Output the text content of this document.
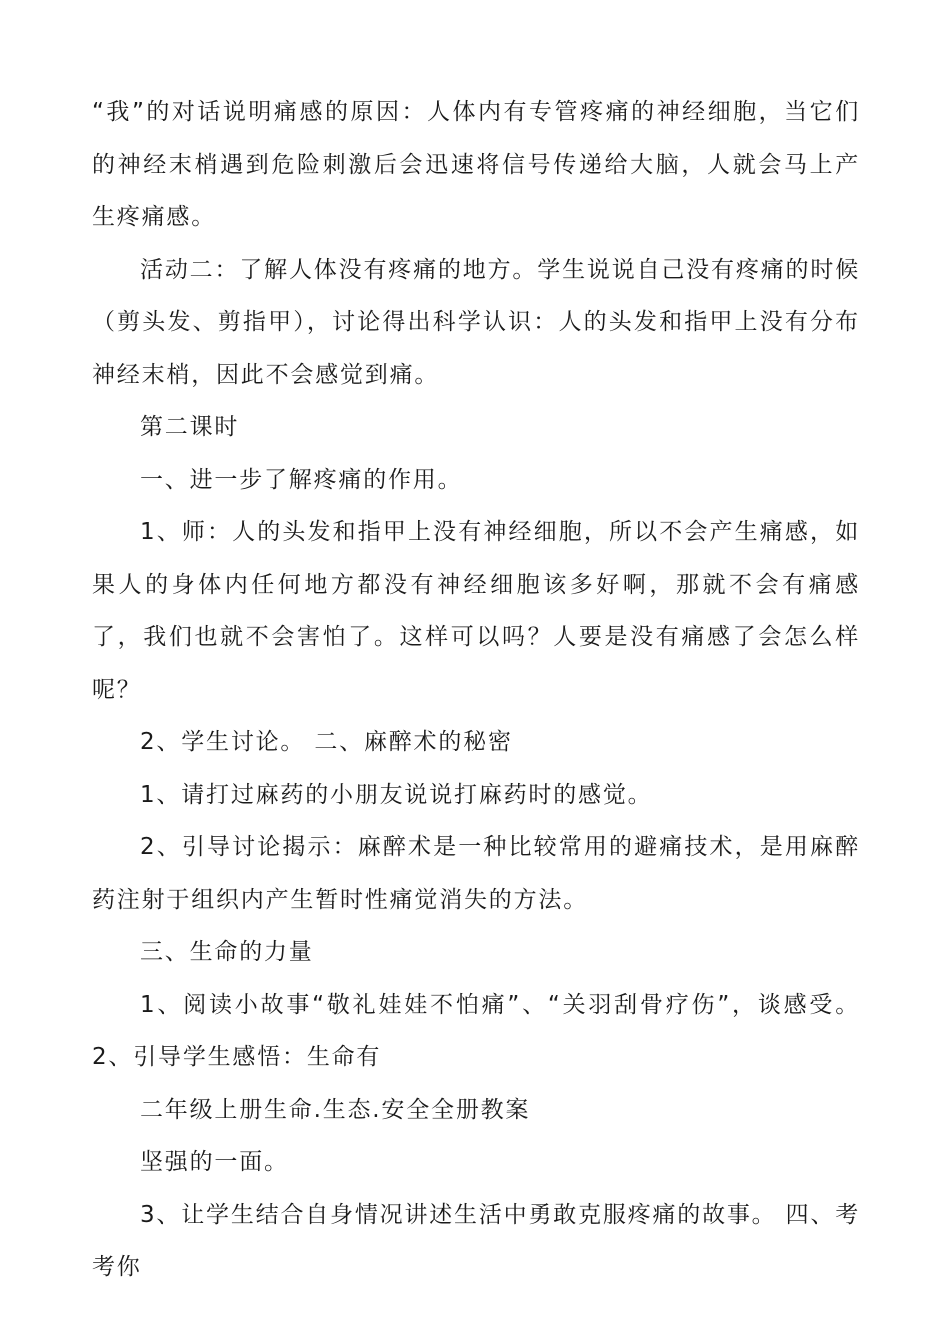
“我”的对话说明痛感的原因：人体内有专管疼痛的神经细胞，当它们的神经末梢遇到危险刺激后会迅速将信号传递给大脑，人就会马上产生疼痛感。

活动二：了解人体没有疼痛的地方。学生说说自己没有疼痛的时候（剪头发、剪指甲），讨论得出科学认识：人的头发和指甲上没有分布神经末梢，因此不会感觉到痛。

第二课时

一、进一步了解疼痛的作用。

1、师：人的头发和指甲上没有神经细胞，所以不会产生痛感，如果人的身体内任何地方都没有神经细胞该多好啊，那就不会有痛感了，我们也就不会害怕了。这样可以吗？人要是没有痛感了会怎么样呢？

2、学生讨论。 二、麻醉术的秘密

1、请打过麻药的小朋友说说打麻药时的感觉。

2、引导讨论揭示：麻醉术是一种比较常用的避痛技术，是用麻醉药注射于组织内产生暂时性痛觉消失的方法。

三、生命的力量

1、阅读小故事“敬礼娃娃不怕痛”、“关羽刮骨疗伤”，谈感受。 2、引导学生感悟：生命有

二年级上册生命.生态.安全全册教案

坚强的一面。

3、让学生结合自身情况讲述生活中勇敢克服疼痛的故事。 四、考考你
